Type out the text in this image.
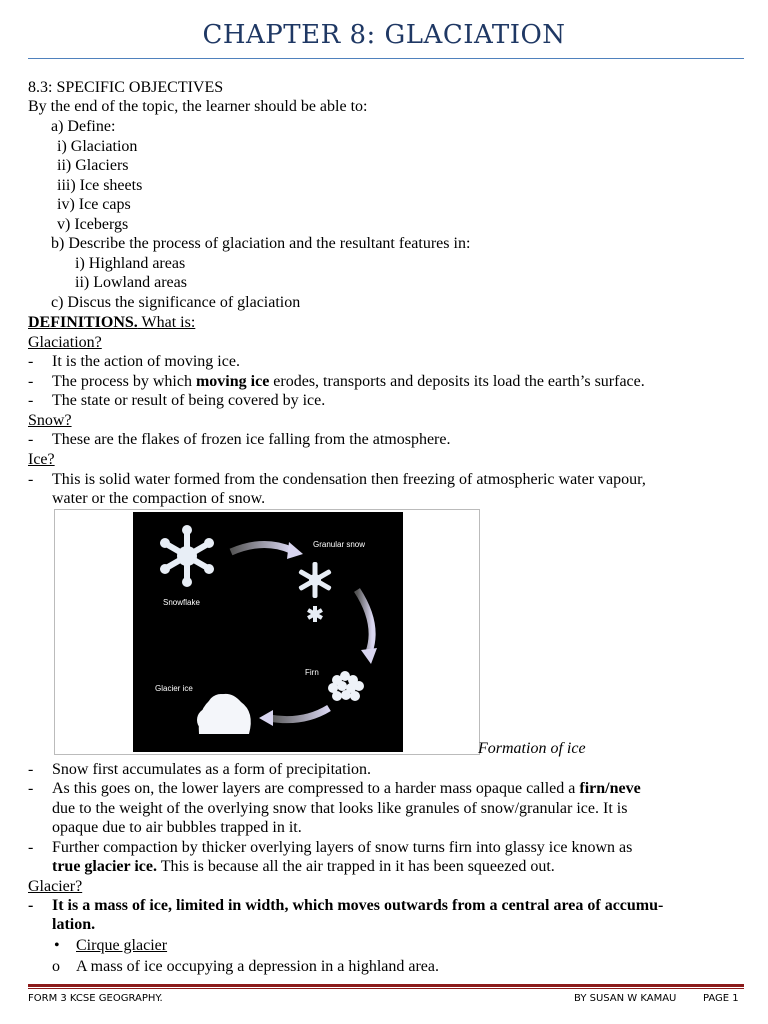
CHAPTER 8: GLACIATION
8.3: SPECIFIC OBJECTIVES
By the end of the topic, the learner should be able to:
a) Define:
i) Glaciation
ii) Glaciers
iii) Ice sheets
iv) Ice caps
v) Icebergs
b) Describe the process of glaciation and the resultant features in:
i) Highland areas
ii) Lowland areas
c) Discus the significance of glaciation
DEFINITIONS. What is:
Glaciation?
- It is the action of moving ice.
- The process by which moving ice erodes, transports and deposits its load the earth’s surface.
- The state or result of being covered by ice.
Snow?
- These are the flakes of frozen ice falling from the atmosphere.
Ice?
- This is solid water formed from the condensation then freezing of atmospheric water vapour,
water or the compaction of snow.
Snowflake
Granular snow
Firn
Glacier ice
Formation of ice
- Snow first accumulates as a form of precipitation.
- As this goes on, the lower layers are compressed to a harder mass opaque called a firn/neve
due to the weight of the overlying snow that looks like granules of snow/granular ice. It is
opaque due to air bubbles trapped in it.
- Further compaction by thicker overlying layers of snow turns firn into glassy ice known as
true glacier ice. This is because all the air trapped in it has been squeezed out.
Glacier?
- It is a mass of ice, limited in width, which moves outwards from a central area of accumu-
lation.
• Cirque glacier
o A mass of ice occupying a depression in a highland area.
FORM 3 KCSE GEOGRAPHY.	BY SUSAN W KAMAU	PAGE 1
